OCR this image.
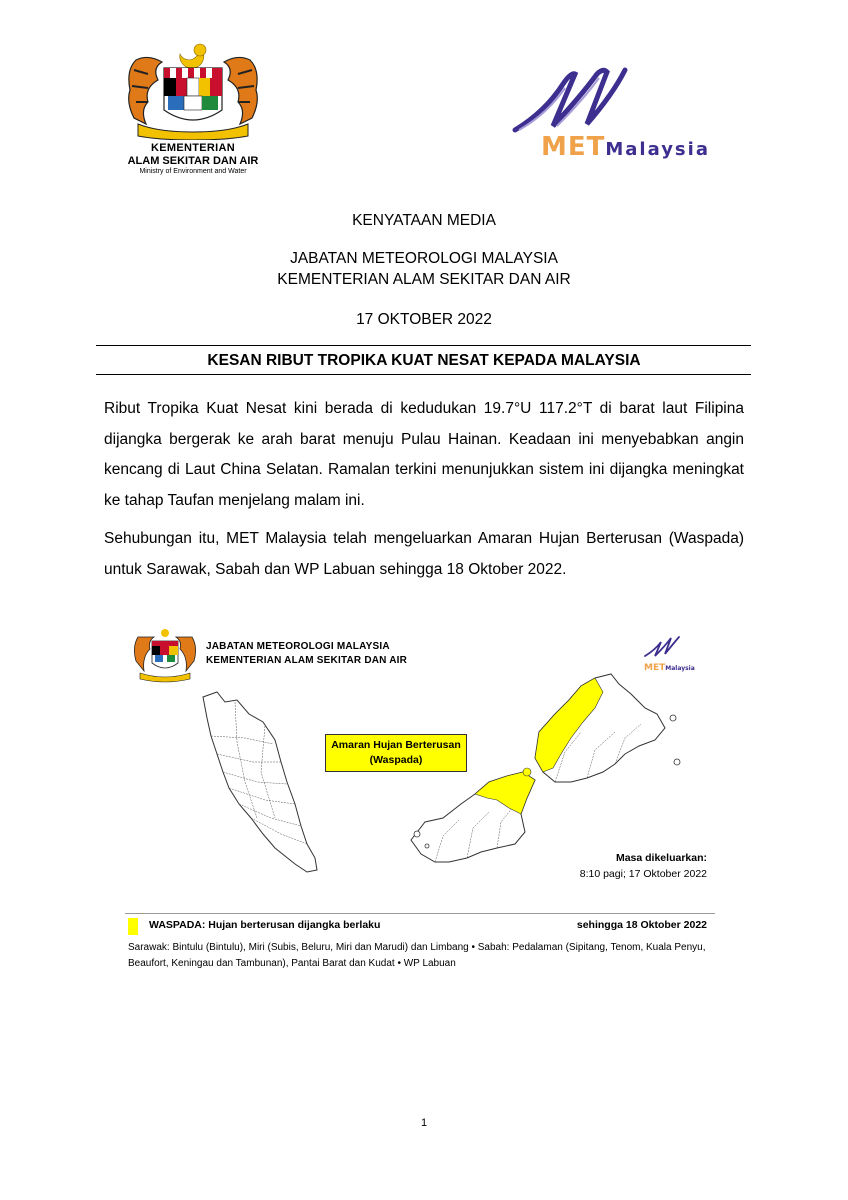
KEMENTERIAN
ALAM SEKITAR DAN AIR
Ministry of Environment and Water
METMalaysia
KENYATAAN MEDIA
JABATAN METEOROLOGI MALAYSIA
KEMENTERIAN ALAM SEKITAR DAN AIR
17 OKTOBER 2022
KESAN RIBUT TROPIKA KUAT NESAT KEPADA MALAYSIA
Ribut Tropika Kuat Nesat kini berada di kedudukan 19.7°U 117.2°T di barat laut Filipina dijangka bergerak ke arah barat menuju Pulau Hainan. Keadaan ini menyebabkan angin kencang di Laut China Selatan. Ramalan terkini menunjukkan sistem ini dijangka meningkat ke tahap Taufan menjelang malam ini.
Sehubungan itu, MET Malaysia telah mengeluarkan Amaran Hujan Berterusan (Waspada) untuk Sarawak, Sabah dan WP Labuan sehingga 18 Oktober 2022.
JABATAN METEOROLOGI MALAYSIA
KEMENTERIAN ALAM SEKITAR DAN AIR
METMalaysia
Amaran Hujan Berterusan
(Waspada)
Masa dikeluarkan:
8:10 pagi; 17 Oktober 2022
WASPADA: Hujan berterusan dijangka berlaku	sehingga 18 Oktober 2022
Sarawak: Bintulu (Bintulu), Miri (Subis, Beluru, Miri dan Marudi) dan Limbang • Sabah: Pedalaman (Sipitang, Tenom, Kuala Penyu, Beaufort, Keningau dan Tambunan), Pantai Barat dan Kudat • WP Labuan
1
